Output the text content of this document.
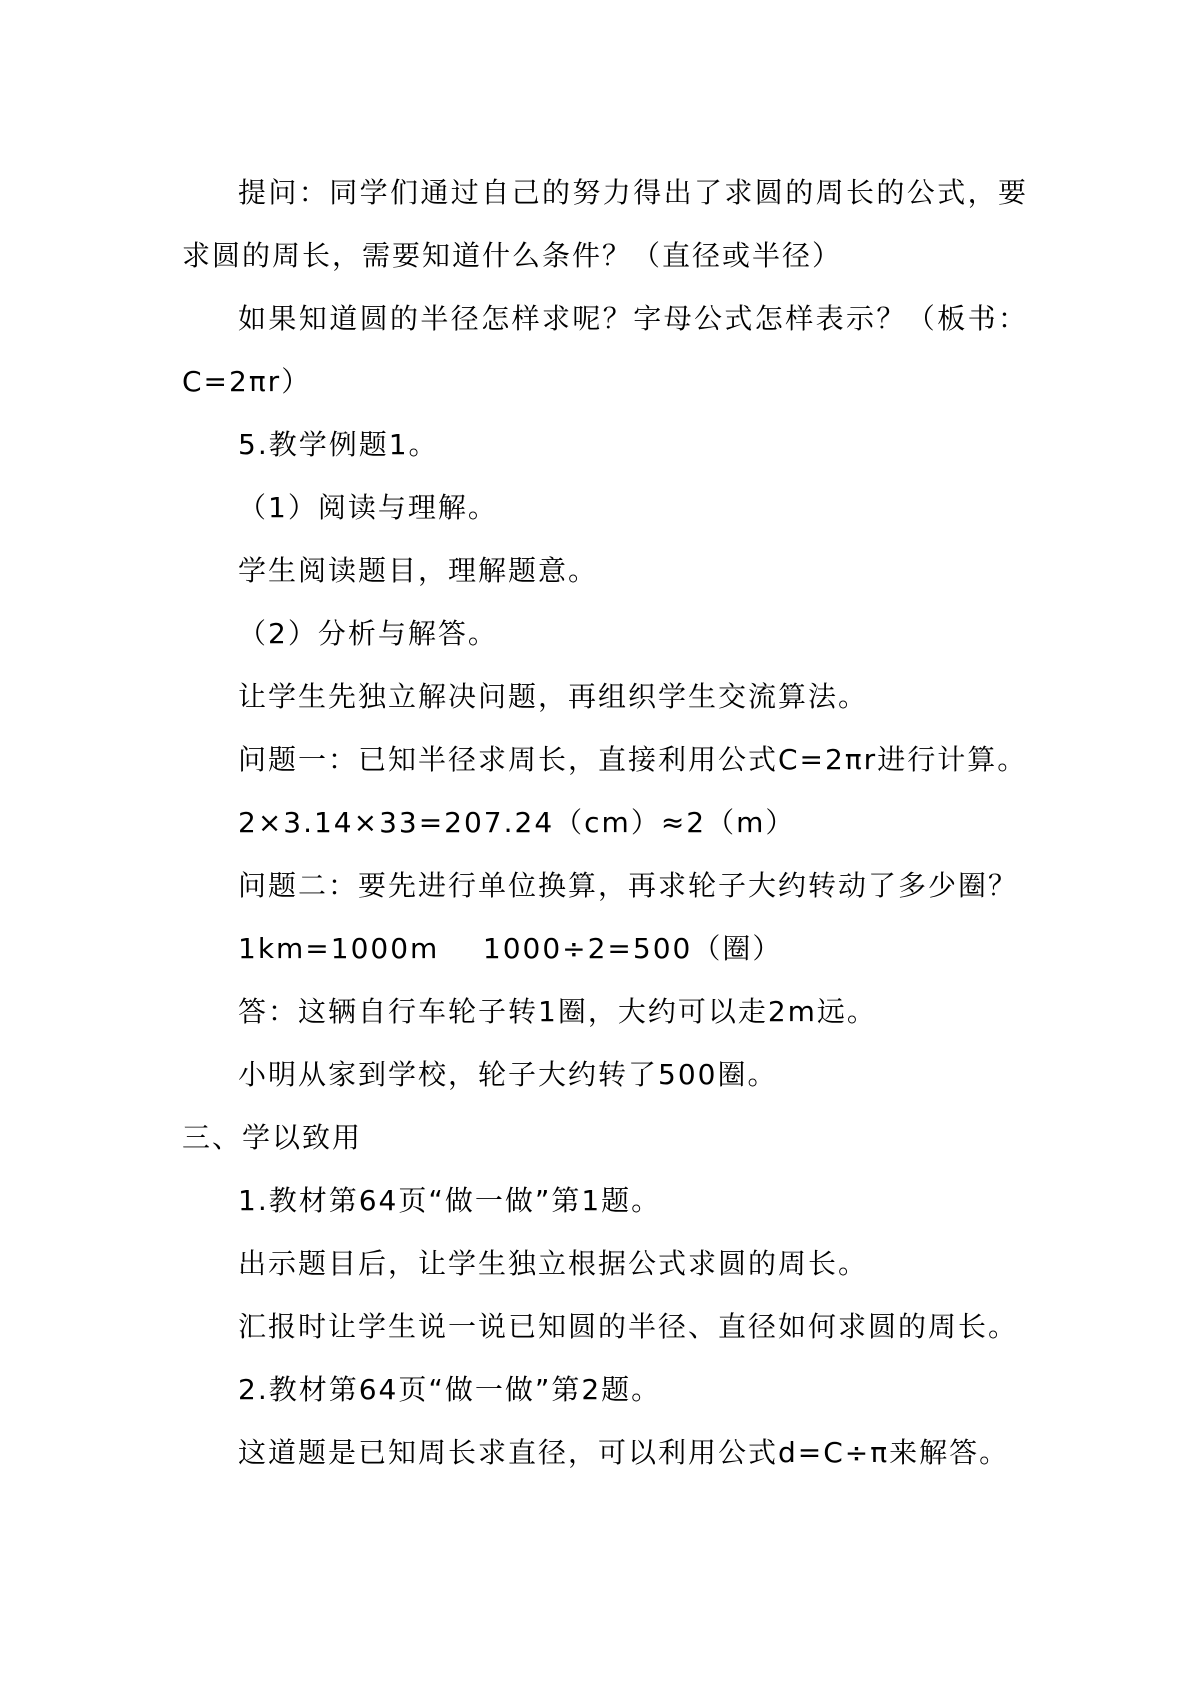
提问：同学们通过自己的努力得出了求圆的周长的公式，要求圆的周长，需要知道什么条件？（直径或半径）

如果知道圆的半径怎样求呢？字母公式怎样表示？（板书：C=2πr）

5.教学例题1。

（1）阅读与理解。

学生阅读题目，理解题意。

（2）分析与解答。

让学生先独立解决问题，再组织学生交流算法。

问题一：已知半径求周长，直接利用公式C=2πr进行计算。

2×3.14×33=207.24（cm）≈2（m）

问题二：要先进行单位换算，再求轮子大约转动了多少圈？

1km=1000m    1000÷2=500（圈）

答：这辆自行车轮子转1圈，大约可以走2m远。

小明从家到学校，轮子大约转了500圈。

三、学以致用

1.教材第64页“做一做”第1题。

出示题目后，让学生独立根据公式求圆的周长。

汇报时让学生说一说已知圆的半径、直径如何求圆的周长。

2.教材第64页“做一做”第2题。

这道题是已知周长求直径，可以利用公式d=C÷π来解答。
